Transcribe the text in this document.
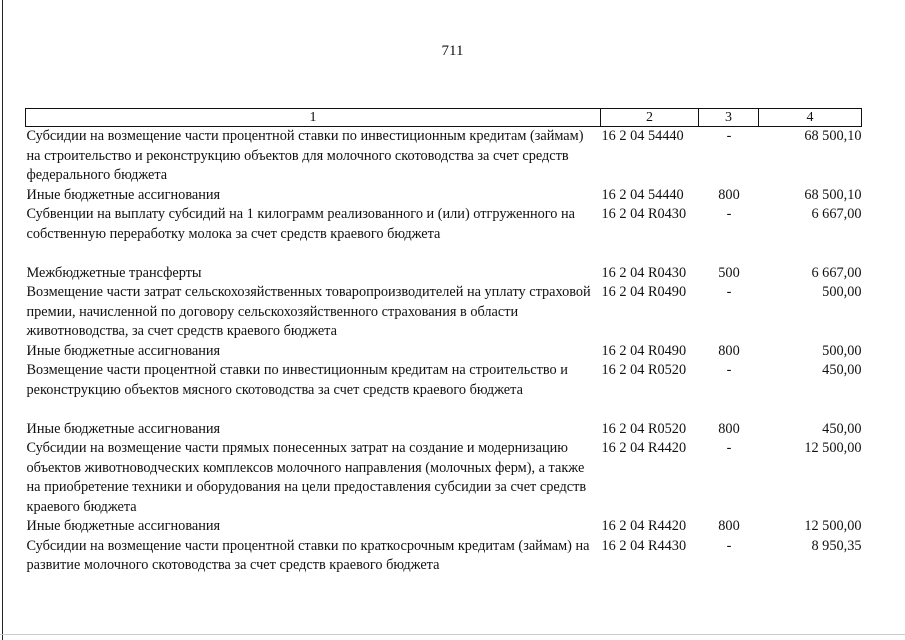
711
1	2	3	4
Субсидии на возмещение части процентной ставки по инвестиционным кредитам (займам) на строительство и реконструкцию объектов для молочного скотоводства за счет средств федерального бюджета	16 2 04 54440	-	68 500,10
Иные бюджетные ассигнования	16 2 04 54440	800	68 500,10
Субвенции на выплату субсидий на 1 килограмм реализованного и (или) отгруженного на собственную переработку молока за счет средств краевого бюджета	16 2 04 R0430	-	6 667,00
Межбюджетные трансферты	16 2 04 R0430	500	6 667,00
Возмещение части затрат сельскохозяйственных товаропроизводителей на уплату страховой премии, начисленной по договору сельскохозяйственного страхования в области животноводства, за счет средств краевого бюджета	16 2 04 R0490	-	500,00
Иные бюджетные ассигнования	16 2 04 R0490	800	500,00
Возмещение части процентной ставки по инвестиционным кредитам на строительство и реконструкцию объектов мясного скотоводства за счет средств краевого бюджета	16 2 04 R0520	-	450,00
Иные бюджетные ассигнования	16 2 04 R0520	800	450,00
Субсидии на возмещение части прямых понесенных затрат на создание и модернизацию объектов животноводческих комплексов молочного направления (молочных ферм), а также на приобретение техники и оборудования на цели предоставления субсидии за счет средств краевого бюджета	16 2 04 R4420	-	12 500,00
Иные бюджетные ассигнования	16 2 04 R4420	800	12 500,00
Субсидии на возмещение части процентной ставки по краткосрочным кредитам (займам) на развитие молочного скотоводства за счет средств краевого бюджета	16 2 04 R4430	-	8 950,35
